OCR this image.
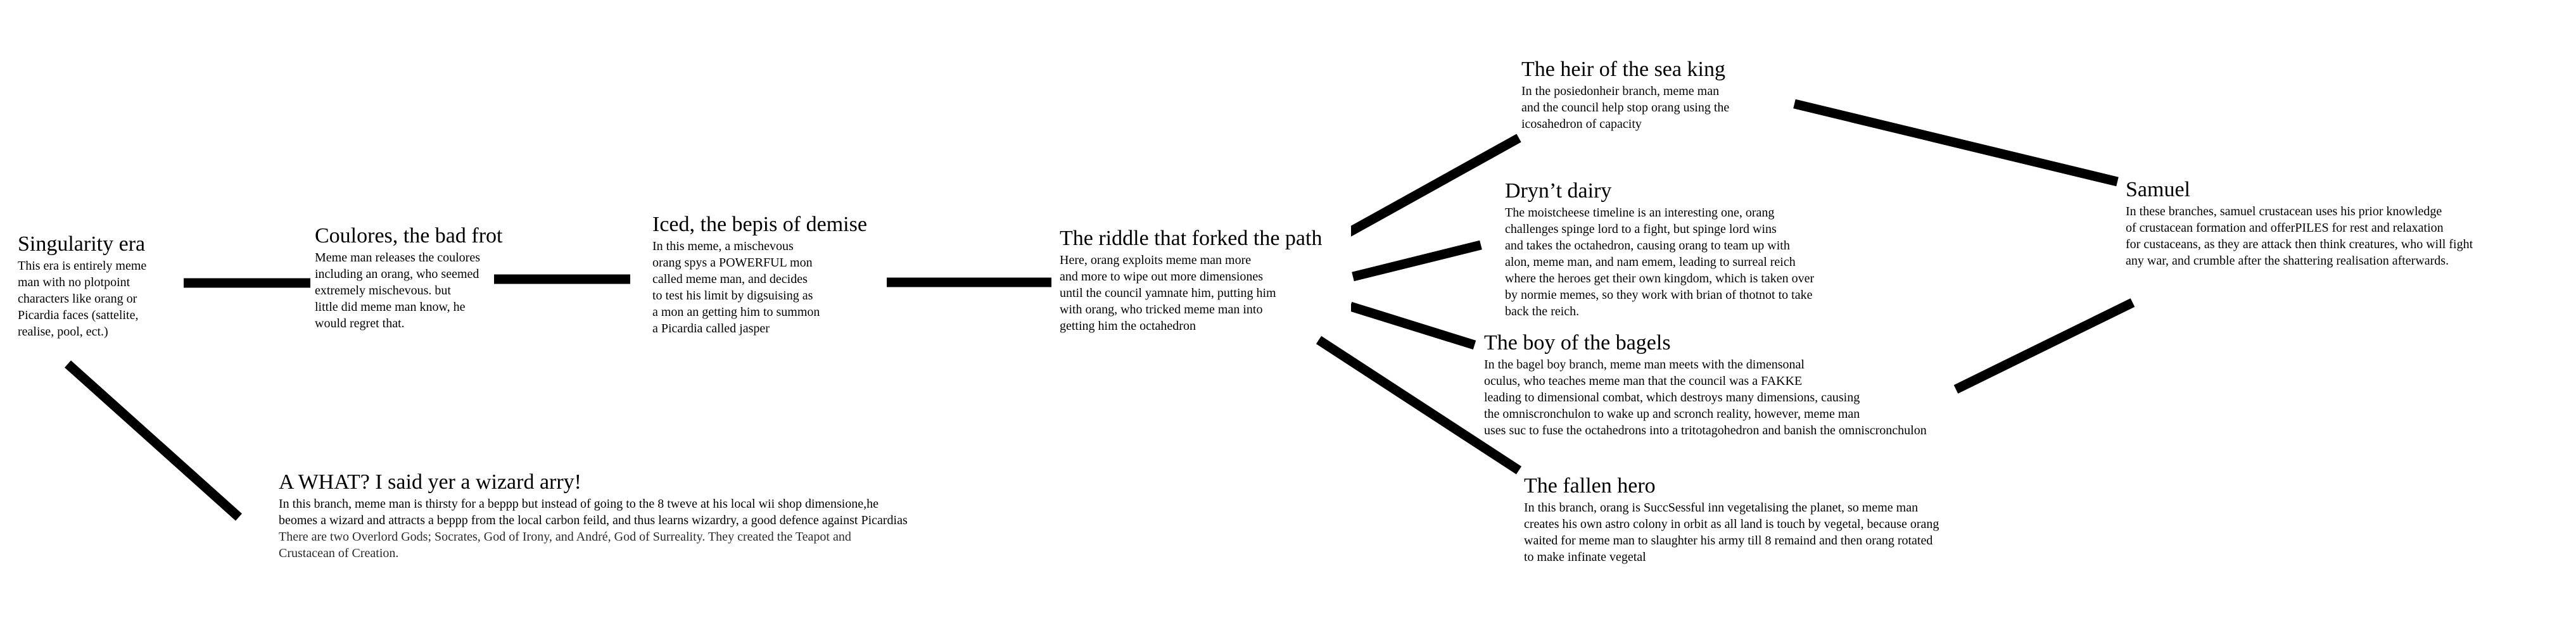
Singularity era

This era is entirely meme
man with no plotpoint
characters like orang or
Picardia faces (sattelite,
realise, pool, ect.)

Coulores, the bad frot

Meme man releases the coulores
including an orang, who seemed
extremely mischevous. but
little did meme man know, he
would regret that.

Iced, the bepis of demise

In this meme, a mischevous
orang spys a POWERFUL mon
called meme man, and decides
to test his limit by digsuising as
a mon an getting him to summon
a Picardia called jasper

The riddle that forked the path

Here, orang exploits meme man more
and more to wipe out more dimensiones
until the council yamnate him, putting him
with orang, who tricked meme man into
getting him the octahedron

A WHAT? I said yer a wizard arry!

In this branch, meme man is thirsty for a beppp but instead of going to the 8 tweve at his local wii shop dimensione,he
beomes a wizard and attracts a beppp from the local carbon feild, and thus learns wizardry, a good defence against Picardias

There are two Overlord Gods; Socrates, God of Irony, and André, God of Surreality. They created the Teapot and
Crustacean of Creation.

The heir of the sea king

In the posiedonheir branch, meme man
and the council help stop orang using the
icosahedron of capacity

Dryn’t dairy

The moistcheese timeline is an interesting one, orang
challenges spinge lord to a fight, but spinge lord wins
and takes the octahedron, causing orang to team up with
alon, meme man, and nam emem, leading to surreal reich
where the heroes get their own kingdom, which is taken over
by normie memes, so they work with brian of thotnot to take
back the reich.

The boy of the bagels

In the bagel boy branch, meme man meets with the dimensonal
oculus, who teaches meme man that the council was a FAKKE
leading to dimensional combat, which destroys many dimensions, causing
the omniscronchulon to wake up and scronch reality, however, meme man
uses suc to fuse the octahedrons into a tritotagohedron and banish the omniscronchulon

The fallen hero

In this branch, orang is SuccSessful inn vegetalising the planet, so meme man
creates his own astro colony in orbit as all land is touch by vegetal, because orang
waited for meme man to slaughter his army till 8 remaind and then orang rotated
to make infinate vegetal

Samuel

In these branches, samuel crustacean uses his prior knowledge
of crustacean formation and offerPILES for rest and relaxation
for custaceans, as they are attack then think creatures, who will fight
any war, and crumble after the shattering realisation afterwards.
